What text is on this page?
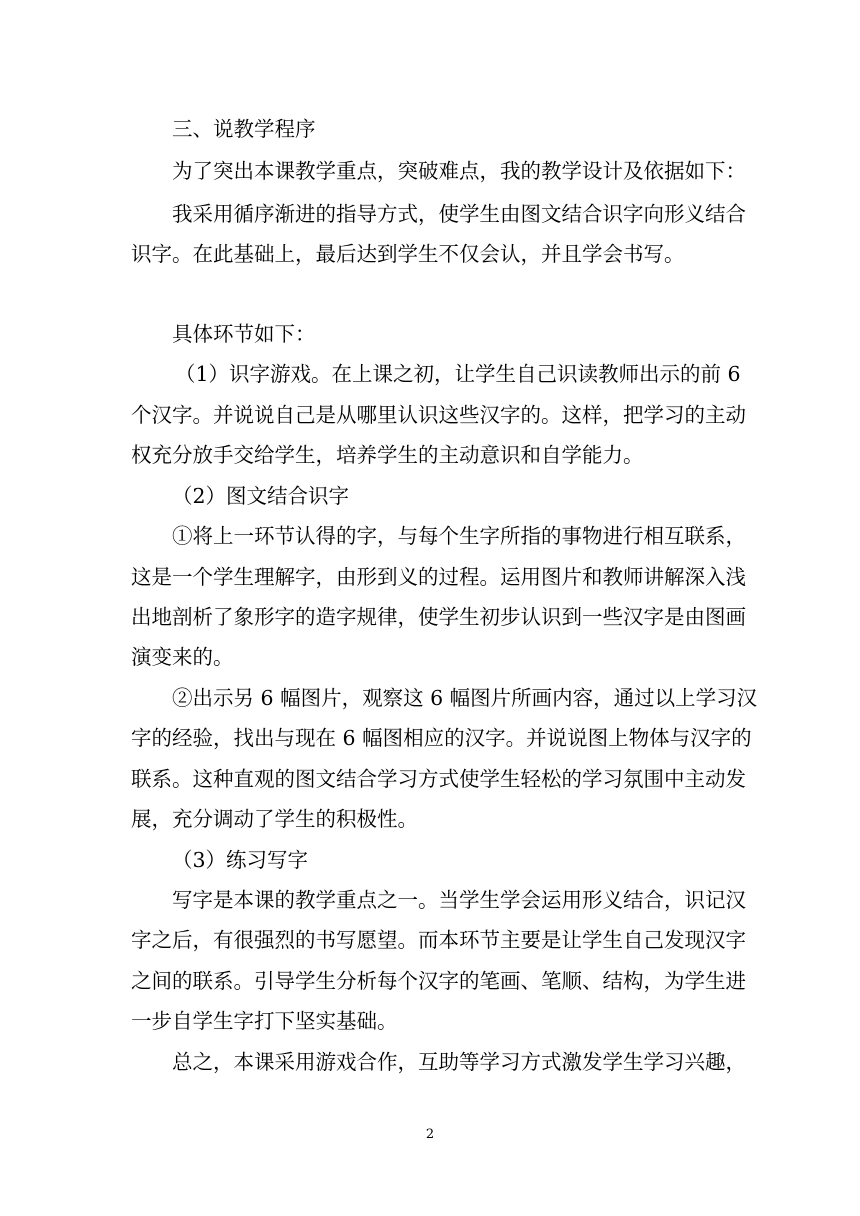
三、说教学程序
为了突出本课教学重点，突破难点，我的教学设计及依据如下：
我采用循序渐进的指导方式，使学生由图文结合识字向形义结合
识字。在此基础上，最后达到学生不仅会认，并且学会书写。
具体环节如下：
（1）识字游戏。在上课之初，让学生自己识读教师出示的前 6
个汉字。并说说自己是从哪里认识这些汉字的。这样，把学习的主动
权充分放手交给学生，培养学生的主动意识和自学能力。
（2）图文结合识字
①将上一环节认得的字，与每个生字所指的事物进行相互联系，
这是一个学生理解字，由形到义的过程。运用图片和教师讲解深入浅
出地剖析了象形字的造字规律，使学生初步认识到一些汉字是由图画
演变来的。
②出示另 6 幅图片，观察这 6 幅图片所画内容，通过以上学习汉
字的经验，找出与现在 6 幅图相应的汉字。并说说图上物体与汉字的
联系。这种直观的图文结合学习方式使学生轻松的学习氛围中主动发
展，充分调动了学生的积极性。
（3）练习写字
写字是本课的教学重点之一。当学生学会运用形义结合，识记汉
字之后，有很强烈的书写愿望。而本环节主要是让学生自己发现汉字
之间的联系。引导学生分析每个汉字的笔画、笔顺、结构，为学生进
一步自学生字打下坚实基础。
总之，本课采用游戏合作，互助等学习方式激发学生学习兴趣，
2
